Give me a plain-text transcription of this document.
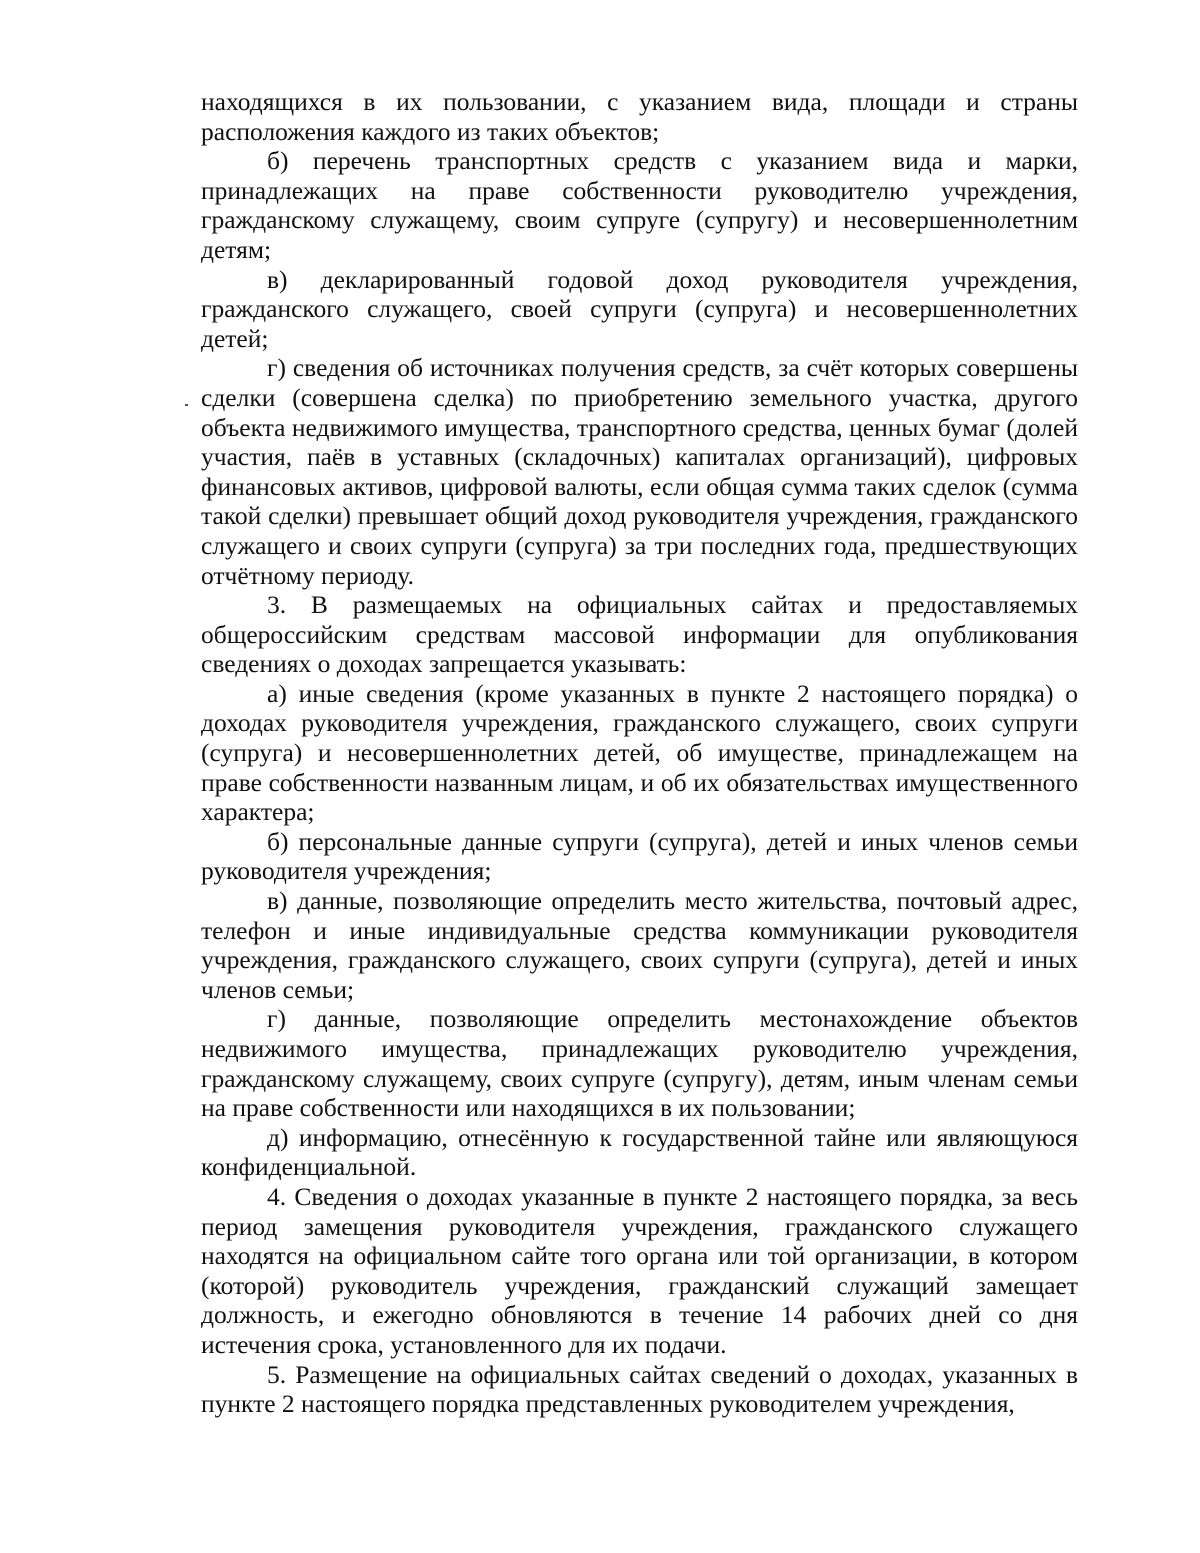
находящихся в их пользовании, с указанием вида, площади и страны расположения каждого из таких объектов;

б) перечень транспортных средств с указанием вида и марки, принадлежащих на праве собственности руководителю учреждения, гражданскому служащему, своим супруге (супругу) и несовершеннолетним детям;

в) декларированный годовой доход руководителя учреждения, гражданского служащего, своей супруги (супруга) и несовершеннолетних детей;

г) сведения об источниках получения средств, за счёт которых совершены сделки (совершена сделка) по приобретению земельного участка, другого объекта недвижимого имущества, транспортного средства, ценных бумаг (долей участия, паёв в уставных (складочных) капиталах организаций), цифровых финансовых активов, цифровой валюты, если общая сумма таких сделок (сумма такой сделки) превышает общий доход руководителя учреждения, гражданского служащего и своих супруги (супруга) за три последних года, предшествующих отчётному периоду.

3. В размещаемых на официальных сайтах и предоставляемых общероссийским средствам массовой информации для опубликования сведениях о доходах запрещается указывать:

а) иные сведения (кроме указанных в пункте 2 настоящего порядка) о доходах руководителя учреждения, гражданского служащего, своих супруги (супруга) и несовершеннолетних детей, об имуществе, принадлежащем на праве собственности названным лицам, и об их обязательствах имущественного характера;

б) персональные данные супруги (супруга), детей и иных членов семьи руководителя учреждения;

в) данные, позволяющие определить место жительства, почтовый адрес, телефон и иные индивидуальные средства коммуникации руководителя учреждения, гражданского служащего, своих супруги (супруга), детей и иных членов семьи;

г) данные, позволяющие определить местонахождение объектов недвижимого имущества, принадлежащих руководителю учреждения, гражданскому служащему, своих супруге (супругу), детям, иным членам семьи на праве собственности или находящихся в их пользовании;

д) информацию, отнесённую к государственной тайне или являющуюся конфиденциальной.

4. Сведения о доходах указанные в пункте 2 настоящего порядка, за весь период замещения руководителя учреждения, гражданского служащего находятся на официальном сайте того органа или той организации, в котором (которой) руководитель учреждения, гражданский служащий замещает должность, и ежегодно обновляются в течение 14 рабочих дней со дня истечения срока, установленного для их подачи.

5. Размещение на официальных сайтах сведений о доходах, указанных в пункте 2 настоящего порядка представленных руководителем учреждения,
